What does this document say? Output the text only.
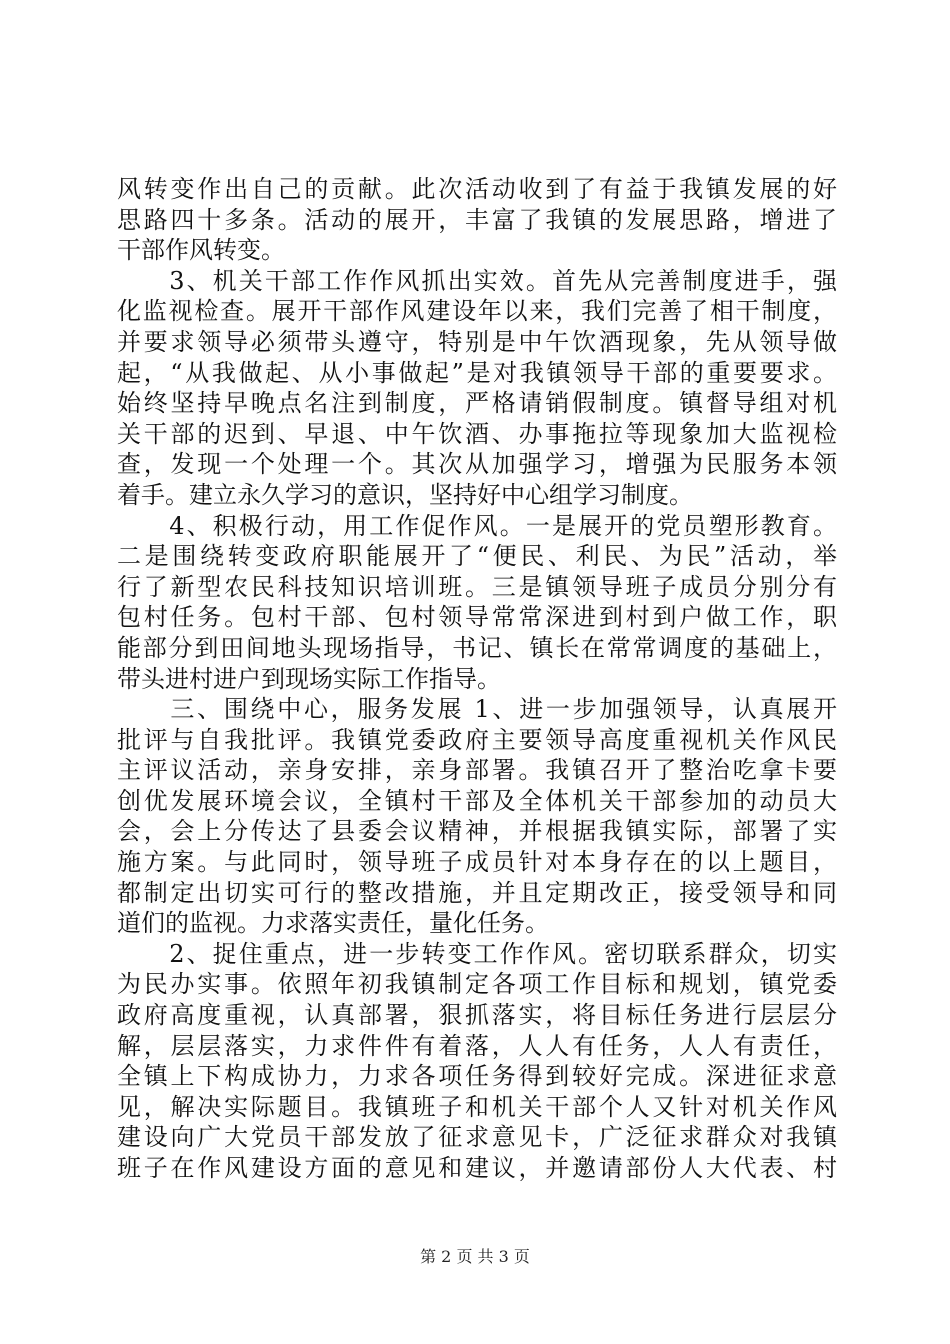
风转变作出自己的贡献。此次活动收到了有益于我镇发展的好
思路四十多条。活动的展开，丰富了我镇的发展思路，增进了
干部作风转变。
　　3、机关干部工作作风抓出实效。首先从完善制度进手，强
化监视检查。展开干部作风建设年以来，我们完善了相干制度，
并要求领导必须带头遵守，特别是中午饮酒现象，先从领导做
起，“从我做起、从小事做起”是对我镇领导干部的重要要求。
始终坚持早晚点名注到制度，严格请销假制度。镇督导组对机
关干部的迟到、早退、中午饮酒、办事拖拉等现象加大监视检
查，发现一个处理一个。其次从加强学习，增强为民服务本领
着手。建立永久学习的意识，坚持好中心组学习制度。
　　4、积极行动，用工作促作风。一是展开的党员塑形教育。
二是围绕转变政府职能展开了“便民、利民、为民”活动，举
行了新型农民科技知识培训班。三是镇领导班子成员分别分有
包村任务。包村干部、包村领导常常深进到村到户做工作，职
能部分到田间地头现场指导，书记、镇长在常常调度的基础上，
带头进村进户到现场实际工作指导。
　　三、围绕中心，服务发展 1、进一步加强领导，认真展开
批评与自我批评。我镇党委政府主要领导高度重视机关作风民
主评议活动，亲身安排，亲身部署。我镇召开了整治吃拿卡要
创优发展环境会议，全镇村干部及全体机关干部参加的动员大
会，会上分传达了县委会议精神，并根据我镇实际，部署了实
施方案。与此同时，领导班子成员针对本身存在的以上题目，
都制定出切实可行的整改措施，并且定期改正，接受领导和同
道们的监视。力求落实责任，量化任务。
　　2、捉住重点，进一步转变工作作风。密切联系群众，切实
为民办实事。依照年初我镇制定各项工作目标和规划，镇党委
政府高度重视，认真部署，狠抓落实，将目标任务进行层层分
解，层层落实，力求件件有着落，人人有任务，人人有责任，
全镇上下构成协力，力求各项任务得到较好完成。深进征求意
见，解决实际题目。我镇班子和机关干部个人又针对机关作风
建设向广大党员干部发放了征求意见卡，广泛征求群众对我镇
班子在作风建设方面的意见和建议，并邀请部份人大代表、村
第 2 页 共 3 页
